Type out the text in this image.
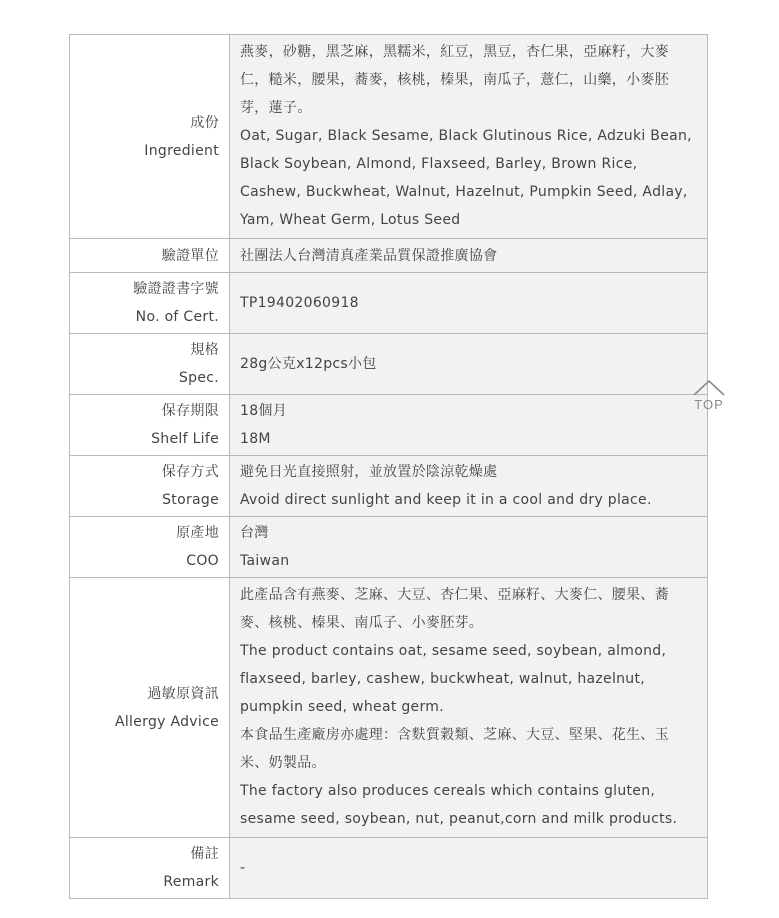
成份
Ingredient	燕麥，砂糖，黑芝麻，黑糯米，紅豆，黑豆，杏仁果，亞麻籽，大麥仁，糙米，腰果，蕎麥，核桃，榛果，南瓜子，薏仁，山藥，小麥胚芽，蓮子。
Oat, Sugar, Black Sesame, Black Glutinous Rice, Adzuki Bean, Black Soybean, Almond, Flaxseed, Barley, Brown Rice, Cashew, Buckwheat, Walnut, Hazelnut, Pumpkin Seed, Adlay, Yam, Wheat Germ, Lotus Seed

驗證單位	社團法人台灣清真產業品質保證推廣協會

驗證證書字號
No. of Cert.	TP19402060918

規格
Spec.	28g公克x12pcs小包

保存期限
Shelf Life	18個月
18M

保存方式
Storage	避免日光直接照射，並放置於陰涼乾燥處
Avoid direct sunlight and keep it in a cool and dry place.

原產地
COO	台灣
Taiwan

過敏原資訊
Allergy Advice	此產品含有燕麥、芝麻、大豆、杏仁果、亞麻籽、大麥仁、腰果、蕎麥、核桃、榛果、南瓜子、小麥胚芽。
The product contains oat, sesame seed, soybean, almond, flaxseed, barley, cashew, buckwheat, walnut, hazelnut, pumpkin seed, wheat germ.
本食品生產廠房亦處理：含麩質穀類、芝麻、大豆、堅果、花生、玉米、奶製品。
The factory also produces cereals which contains gluten, sesame seed, soybean, nut, peanut,corn and milk products.

備註
Remark	-
TOP
